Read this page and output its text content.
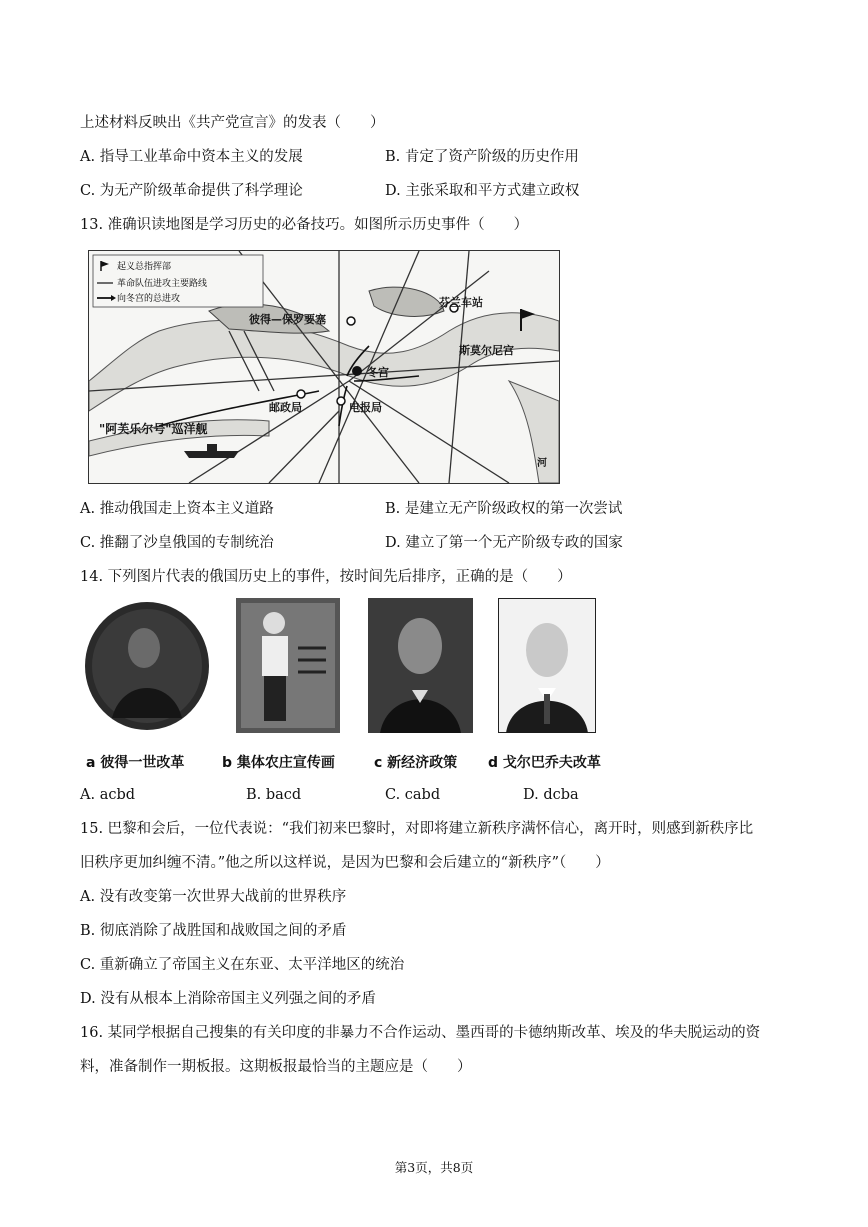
上述材料反映出《共产党宣言》的发表（　　）
A. 指导工业革命中资本主义的发展	B. 肯定了资产阶级的历史作用
C. 为无产阶级革命提供了科学理论	D. 主张采取和平方式建立政权
13. 准确识读地图是学习历史的必备技巧。如图所示历史事件（　　）
起义总指挥部
革命队伍进攻主要路线
向冬宫的总进攻
彼得—保罗要塞
芬兰车站
斯莫尔尼宫
冬宫
邮政局	电报局
"阿芙乐尔号"巡洋舰
河
A. 推动俄国走上资本主义道路	B. 是建立无产阶级政权的第一次尝试
C. 推翻了沙皇俄国的专制统治	D. 建立了第一个无产阶级专政的国家
14. 下列图片代表的俄国历史上的事件，按时间先后排序，正确的是（　　）
a 彼得一世改革	b 集体农庄宣传画	c 新经济政策 d 戈尔巴乔夫改革
A. acbd	B. bacd	C. cabd	D. dcba
15. 巴黎和会后，一位代表说：“我们初来巴黎时，对即将建立新秩序满怀信心，离开时，则感到新秩序比
旧秩序更加纠缠不清。”他之所以这样说，是因为巴黎和会后建立的“新秩序”（　　）
A. 没有改变第一次世界大战前的世界秩序
B. 彻底消除了战胜国和战败国之间的矛盾
C. 重新确立了帝国主义在东亚、太平洋地区的统治
D. 没有从根本上消除帝国主义列强之间的矛盾
16. 某同学根据自己搜集的有关印度的非暴力不合作运动、墨西哥的卡德纳斯改革、埃及的华夫脱运动的资
料，准备制作一期板报。这期板报最恰当的主题应是（　　）
第3页，共8页
